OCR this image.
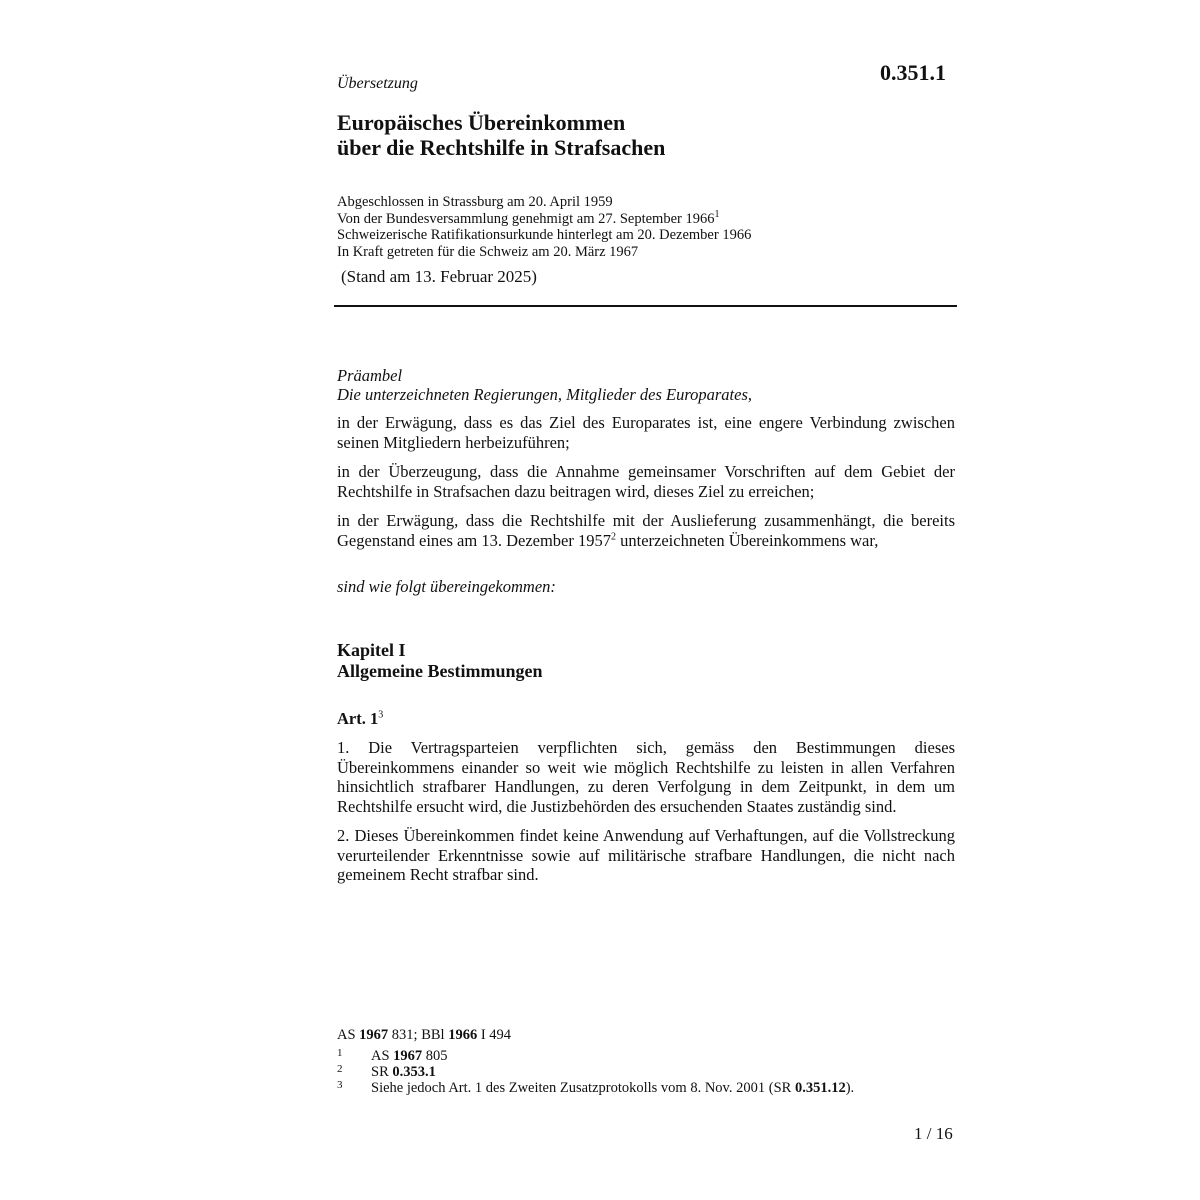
0.351.1
Übersetzung
Europäisches Übereinkommen
über die Rechtshilfe in Strafsachen
Abgeschlossen in Strassburg am 20. April 1959
Von der Bundesversammlung genehmigt am 27. September 1966$^1$
Schweizerische Ratifikationsurkunde hinterlegt am 20. Dezember 1966
In Kraft getreten für die Schweiz am 20. März 1967
(Stand am 13. Februar 2025)
Präambel
Die unterzeichneten Regierungen, Mitglieder des Europarates,
in der Erwägung, dass es das Ziel des Europarates ist, eine engere Verbindung zwischen seinen Mitgliedern herbeizuführen;
in der Überzeugung, dass die Annahme gemeinsamer Vorschriften auf dem Gebiet der Rechtshilfe in Strafsachen dazu beitragen wird, dieses Ziel zu erreichen;
in der Erwägung, dass die Rechtshilfe mit der Auslieferung zusammenhängt, die bereits Gegenstand eines am 13. Dezember 1957$^2$ unterzeichneten Übereinkommens war,
sind wie folgt übereingekommen:
Kapitel I
Allgemeine Bestimmungen
Art. $1^3$
1. Die Vertragsparteien verpflichten sich, gemäss den Bestimmungen dieses Übereinkommens einander so weit wie möglich Rechtshilfe zu leisten in allen Verfahren hinsichtlich strafbarer Handlungen, zu deren Verfolgung in dem Zeitpunkt, in dem um Rechtshilfe ersucht wird, die Justizbehörden des ersuchenden Staates zuständig sind.
2. Dieses Übereinkommen findet keine Anwendung auf Verhaftungen, auf die Vollstreckung verurteilender Erkenntnisse sowie auf militärische strafbare Handlungen, die nicht nach gemeinem Recht strafbar sind.
AS 1967 831; BBl 1966 I 494
1 AS 1967 805
2 SR 0.353.1
3 Siehe jedoch Art. 1 des Zweiten Zusatzprotokolls vom 8. Nov. 2001 (SR 0.351.12).
1 / 16
